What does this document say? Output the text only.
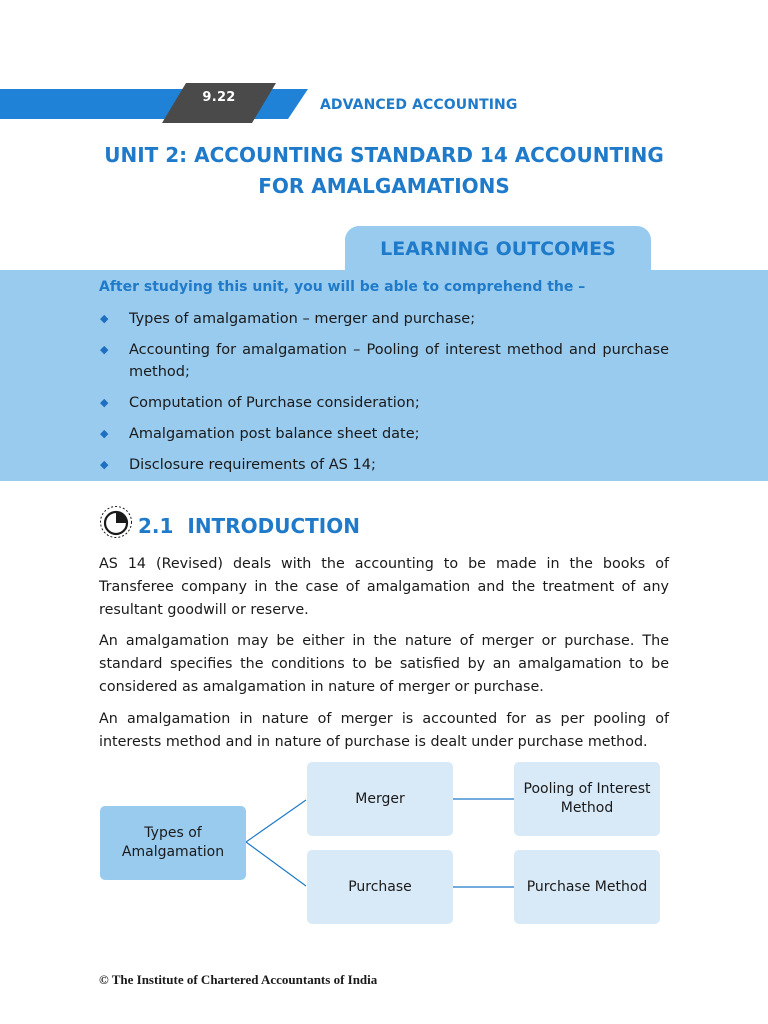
9.22	ADVANCED ACCOUNTING
UNIT 2: ACCOUNTING STANDARD 14 ACCOUNTING
FOR AMALGAMATIONS
LEARNING OUTCOMES
After studying this unit, you will be able to comprehend the –
◆ Types of amalgamation – merger and purchase;
◆ Accounting for amalgamation – Pooling of interest method and purchase method;
◆ Computation of Purchase consideration;
◆ Amalgamation post balance sheet date;
◆ Disclosure requirements of AS 14;
2.1 INTRODUCTION

AS 14 (Revised) deals with the accounting to be made in the books of Transferee company in the case of amalgamation and the treatment of any resultant goodwill or reserve.

An amalgamation may be either in the nature of merger or purchase. The standard specifies the conditions to be satisfied by an amalgamation to be considered as amalgamation in nature of merger or purchase.

An amalgamation in nature of merger is accounted for as per pooling of interests method and in nature of purchase is dealt under purchase method.

Types of Amalgamation
Merger
Purchase
Pooling of Interest Method
Purchase Method
© The Institute of Chartered Accountants of India
